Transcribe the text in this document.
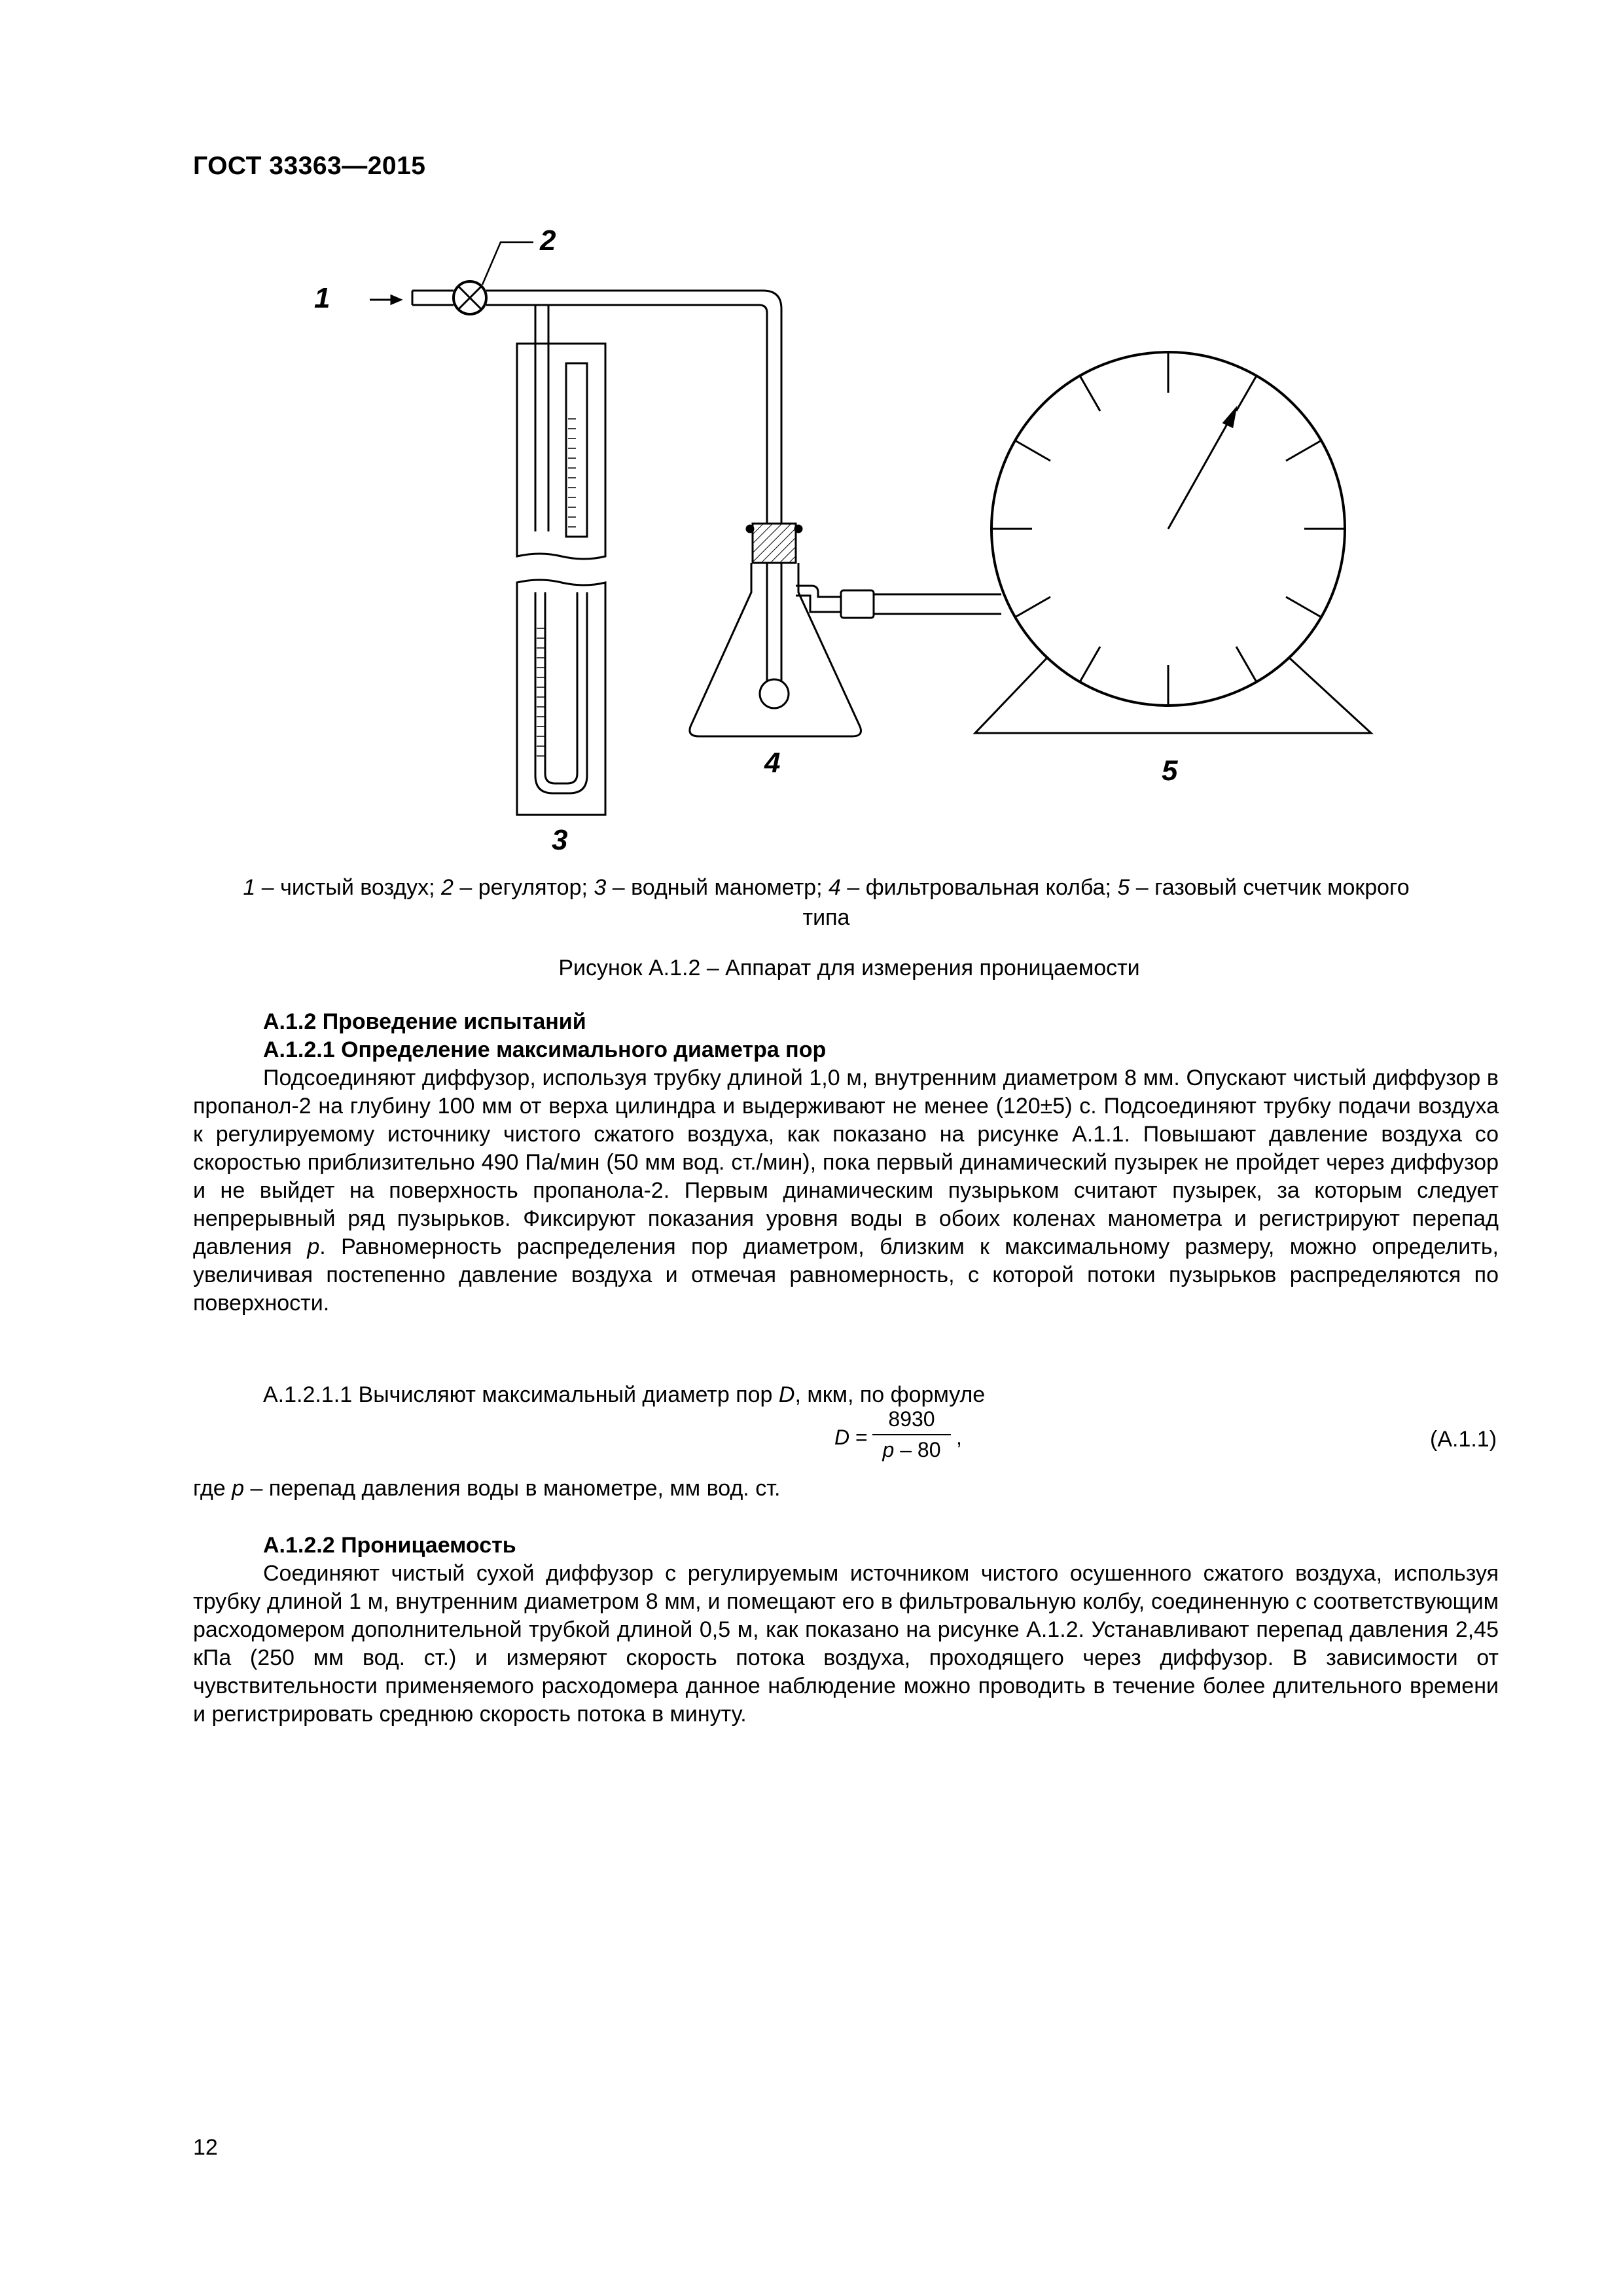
ГОСТ 33363—2015
1
2
3
4	5
1 – чистый воздух; 2 – регулятор; 3 – водный манометр; 4 – фильтровальная колба; 5 – газовый счетчик мокрого типа
Рисунок А.1.2 – Аппарат для измерения проницаемости

А.1.2 Проведение испытаний

А.1.2.1 Определение максимального диаметра пор

Подсоединяют диффузор, используя трубку длиной 1,0 м, внутренним диаметром 8 мм. Опускают чистый диффузор в пропанол-2 на глубину 100 мм от верха цилиндра и выдерживают не менее (120±5) с. Подсоединяют трубку подачи воздуха к регулируемому источнику чистого сжатого воздуха, как показано на рисунке А.1.1. Повышают давление воздуха со скоростью приблизительно 490 Па/мин (50 мм вод. ст./мин), пока первый динамический пузырек не пройдет через диффузор и не выйдет на поверхность пропанола-2. Первым динамическим пузырьком считают пузырек, за которым следует непрерывный ряд пузырьков. Фиксируют показания уровня воды в обоих коленах манометра и регистрируют перепад давления p. Равномерность распределения пор диаметром, близким к максимальному размеру, можно определить, увеличивая постепенно давление воздуха и отмечая равномерность, с которой потоки пузырьков распределяются по поверхности.

А.1.2.1.1 Вычисляют максимальный диаметр пор D, мкм, по формуле
$D = \frac{8930}{p - 80}$ ,	(А.1.1)
где p – перепад давления воды в манометре, мм вод. ст.

А.1.2.2 Проницаемость

Соединяют чистый сухой диффузор с регулируемым источником чистого осушенного сжатого воздуха, используя трубку длиной 1 м, внутренним диаметром 8 мм, и помещают его в фильтровальную колбу, соединенную с соответствующим расходомером дополнительной трубкой длиной 0,5 м, как показано на рисунке А.1.2. Устанавливают перепад давления 2,45 кПа (250 мм вод. ст.) и измеряют скорость потока воздуха, проходящего через диффузор. В зависимости от чувствительности применяемого расходомера данное наблюдение можно проводить в течение более длительного времени и регистрировать среднюю скорость потока в минуту.

12
